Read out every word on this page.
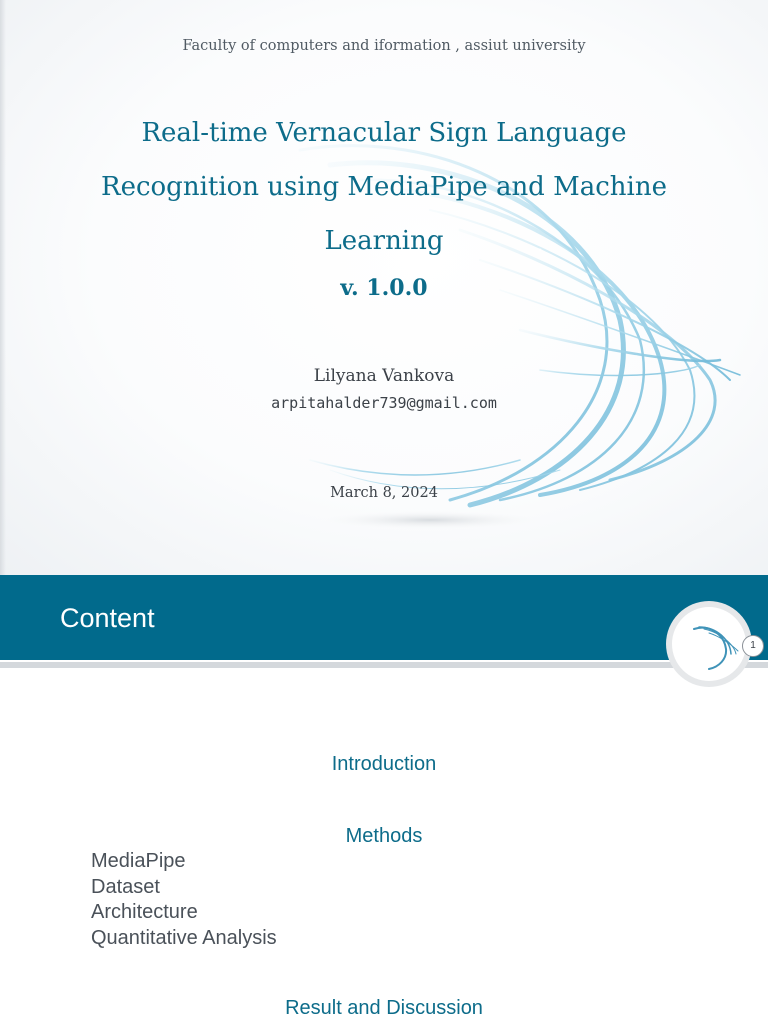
Faculty of computers and iformation , assiut university
Real-time Vernacular Sign Language
Recognition using MediaPipe and Machine
Learning
v. 1.0.0
Lilyana Vankova
arpitahalder739@gmail.com
March 8, 2024
Content
1
Introduction
Methods
MediaPipe
Dataset
Architecture
Quantitative Analysis
Result and Discussion
